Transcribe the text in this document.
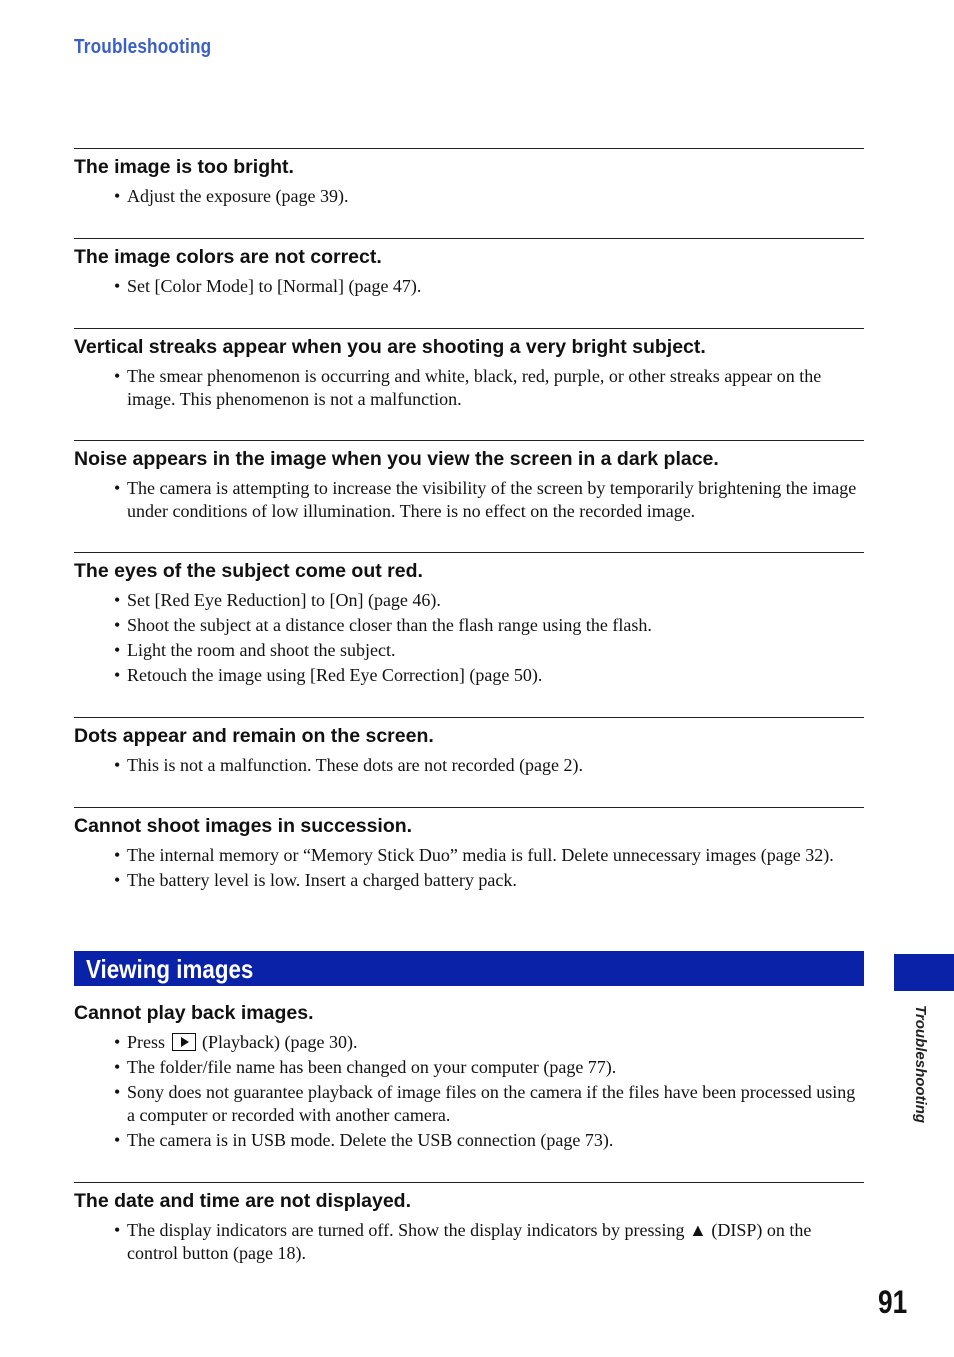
Troubleshooting
The image is too bright.
• Adjust the exposure (page 39).
The image colors are not correct.
• Set [Color Mode] to [Normal] (page 47).
Vertical streaks appear when you are shooting a very bright subject.
• The smear phenomenon is occurring and white, black, red, purple, or other streaks appear on the image. This phenomenon is not a malfunction.
Noise appears in the image when you view the screen in a dark place.
• The camera is attempting to increase the visibility of the screen by temporarily brightening the image under conditions of low illumination. There is no effect on the recorded image.
The eyes of the subject come out red.
• Set [Red Eye Reduction] to [On] (page 46).
• Shoot the subject at a distance closer than the flash range using the flash.
• Light the room and shoot the subject.
• Retouch the image using [Red Eye Correction] (page 50).
Dots appear and remain on the screen.
• This is not a malfunction. These dots are not recorded (page 2).
Cannot shoot images in succession.
• The internal memory or “Memory Stick Duo” media is full. Delete unnecessary images (page 32).
• The battery level is low. Insert a charged battery pack.
Viewing images
Cannot play back images.
• Press (Playback) (page 30).
• The folder/file name has been changed on your computer (page 77).
• Sony does not guarantee playback of image files on the camera if the files have been processed using a computer or recorded with another camera.
• The camera is in USB mode. Delete the USB connection (page 73).
The date and time are not displayed.
• The display indicators are turned off. Show the display indicators by pressing ▲ (DISP) on the control button (page 18).
Troubleshooting
91
